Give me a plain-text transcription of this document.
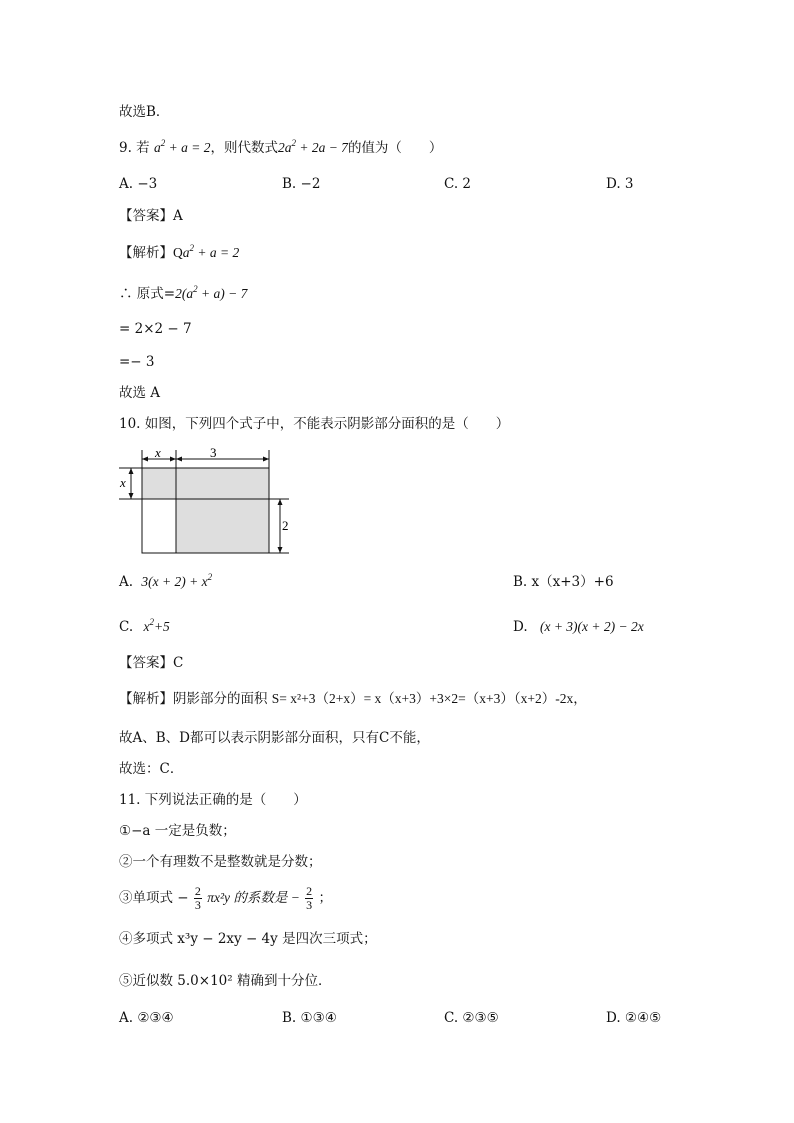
故选B．
9. 若 $a^2 + a = 2$，则代数式$2a^2 + 2a - 7$的值为（　　）
A. −3	B. −2	C. 2	D. 3
【答案】A
【解析】$Qa^2 + a = 2$
∴ 原式$=2(a^2 + a) - 7$
= 2×2 − 7
=− 3
故选 A
10. 如图，下列四个式子中，不能表示阴影部分面积的是（　　）
x	3
x
2
A. $3(x + 2) + x^2$	B. x（x+3）+6
C. $x^2+5$	D. (x + 3)(x + 2) − 2x
【答案】C
【解析】阴影部分的面积 S= x²+3（2+x）= x（x+3）+3×2=（x+3）（x+2）-2x，
故A、B、D都可以表示阴影部分面积，只有C不能，
故选：C．
11. 下列说法正确的是（　　）
①−a 一定是负数；
②一个有理数不是整数就是分数；
③单项式 − $\frac{2}{3} \pi x^2y$ 的系数是 − $\frac{2}{3}$ ；
④多项式 x³y − 2xy − 4y 是四次三项式；
⑤近似数 5.0×10² 精确到十分位．
A. ②③④	B. ①③④	C. ②③⑤	D. ②④⑤
